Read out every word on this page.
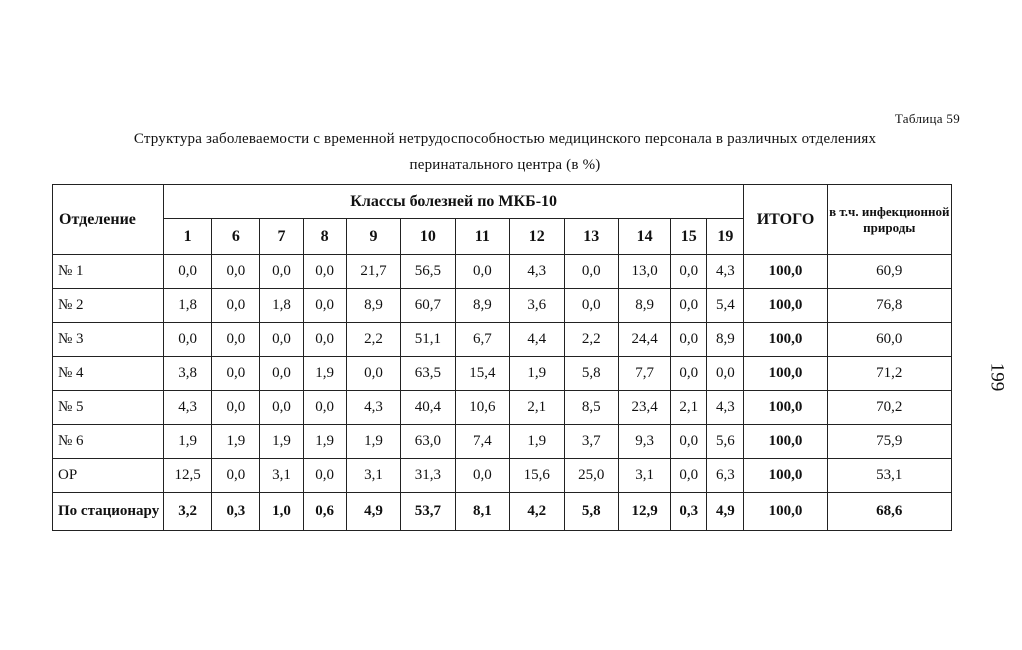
Таблица 59
Структура заболеваемости с временной нетрудоспособностью медицинского персонала в различных отделениях
перинатального центра (в %)
199
Отделение	Классы болезней по МКБ-10												ИТОГО	в т.ч. инфекционной природы
	1	6	7	8	9	10	11	12	13	14	15	19		
№ 1	0,0	0,0	0,0	0,0	21,7	56,5	0,0	4,3	0,0	13,0	0,0	4,3	100,0	60,9
№ 2	1,8	0,0	1,8	0,0	8,9	60,7	8,9	3,6	0,0	8,9	0,0	5,4	100,0	76,8
№ 3	0,0	0,0	0,0	0,0	2,2	51,1	6,7	4,4	2,2	24,4	0,0	8,9	100,0	60,0
№ 4	3,8	0,0	0,0	1,9	0,0	63,5	15,4	1,9	5,8	7,7	0,0	0,0	100,0	71,2
№ 5	4,3	0,0	0,0	0,0	4,3	40,4	10,6	2,1	8,5	23,4	2,1	4,3	100,0	70,2
№ 6	1,9	1,9	1,9	1,9	1,9	63,0	7,4	1,9	3,7	9,3	0,0	5,6	100,0	75,9
ОР	12,5	0,0	3,1	0,0	3,1	31,3	0,0	15,6	25,0	3,1	0,0	6,3	100,0	53,1
По стационару	3,2	0,3	1,0	0,6	4,9	53,7	8,1	4,2	5,8	12,9	0,3	4,9	100,0	68,6
